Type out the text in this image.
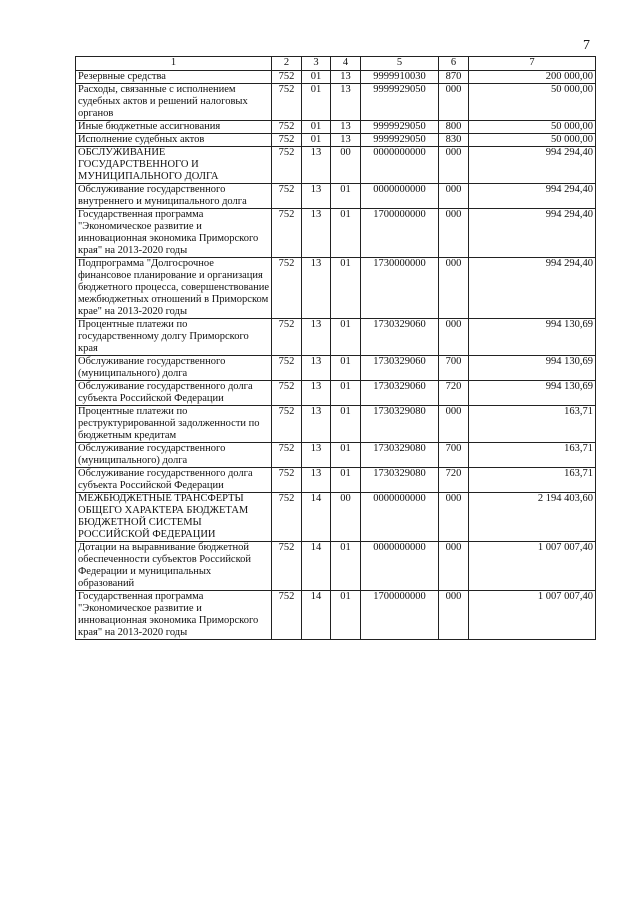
7
1	2	3	4	5	6	7
Резервные средства	752	01	13	9999910030	870	200 000,00
Расходы, связанные с исполнением судебных актов и решений налоговых органов	752	01	13	9999929050	000	50 000,00
Иные бюджетные ассигнования	752	01	13	9999929050	800	50 000,00
Исполнение судебных актов	752	01	13	9999929050	830	50 000,00
ОБСЛУЖИВАНИЕ ГОСУДАРСТВЕННОГО И МУНИЦИПАЛЬНОГО ДОЛГА	752	13	00	0000000000	000	994 294,40
Обслуживание государственного внутреннего и муниципального долга	752	13	01	0000000000	000	994 294,40
Государственная программа "Экономическое развитие и инновационная экономика Приморского края" на 2013-2020 годы	752	13	01	1700000000	000	994 294,40
Подпрограмма "Долгосрочное финансовое планирование и организация бюджетного процесса, совершенствование межбюджетных отношений в Приморском крае" на 2013-2020 годы	752	13	01	1730000000	000	994 294,40
Процентные платежи по государственному долгу Приморского края	752	13	01	1730329060	000	994 130,69
Обслуживание государственного (муниципального) долга	752	13	01	1730329060	700	994 130,69
Обслуживание государственного долга субъекта Российской Федерации	752	13	01	1730329060	720	994 130,69
Процентные платежи по реструктурированной задолженности по бюджетным кредитам	752	13	01	1730329080	000	163,71
Обслуживание государственного (муниципального) долга	752	13	01	1730329080	700	163,71
Обслуживание государственного долга субъекта Российской Федерации	752	13	01	1730329080	720	163,71
МЕЖБЮДЖЕТНЫЕ ТРАНСФЕРТЫ ОБЩЕГО ХАРАКТЕРА БЮДЖЕТАМ БЮДЖЕТНОЙ СИСТЕМЫ РОССИЙСКОЙ ФЕДЕРАЦИИ	752	14	00	0000000000	000	2 194 403,60
Дотации на выравнивание бюджетной обеспеченности субъектов Российской Федерации и муниципальных образований	752	14	01	0000000000	000	1 007 007,40
Государственная программа "Экономическое развитие и инновационная экономика Приморского края" на 2013-2020 годы	752	14	01	1700000000	000	1 007 007,40
